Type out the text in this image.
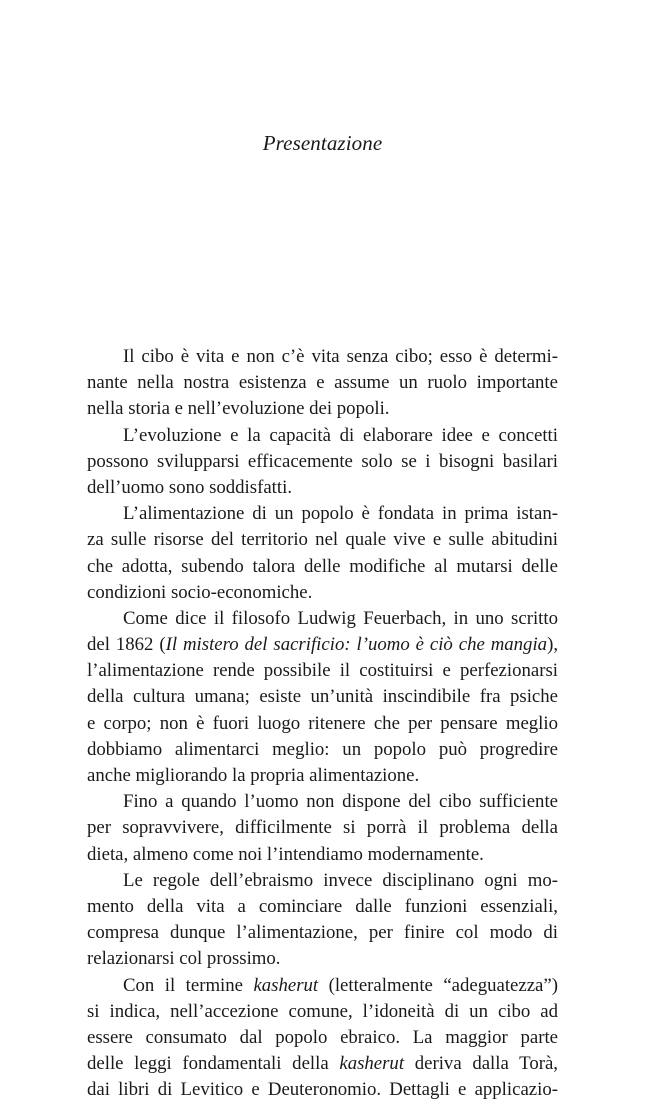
Presentazione
Il cibo è vita e non c’è vita senza cibo; esso è determi-
nante nella nostra esistenza e assume un ruolo importante
nella storia e nell’evoluzione dei popoli.
L’evoluzione e la capacità di elaborare idee e concetti
possono svilupparsi efficacemente solo se i bisogni basilari
dell’uomo sono soddisfatti.
L’alimentazione di un popolo è fondata in prima istan-
za sulle risorse del territorio nel quale vive e sulle abitudini
che adotta, subendo talora delle modifiche al mutarsi delle
condizioni socio-economiche.
Come dice il filosofo Ludwig Feuerbach, in uno scritto
del 1862 (Il mistero del sacrificio: l’uomo è ciò che mangia),
l’alimentazione rende possibile il costituirsi e perfezionarsi
della cultura umana; esiste un’unità inscindibile fra psiche
e corpo; non è fuori luogo ritenere che per pensare meglio
dobbiamo alimentarci meglio: un popolo può progredire
anche migliorando la propria alimentazione.
Fino a quando l’uomo non dispone del cibo sufficiente
per sopravvivere, difficilmente si porrà il problema della
dieta, almeno come noi l’intendiamo modernamente.
Le regole dell’ebraismo invece disciplinano ogni mo-
mento della vita a cominciare dalle funzioni essenziali,
compresa dunque l’alimentazione, per finire col modo di
relazionarsi col prossimo.
Con il termine kasherut (letteralmente “adeguatezza”)
si indica, nell’accezione comune, l’idoneità di un cibo ad
essere consumato dal popolo ebraico. La maggior parte
delle leggi fondamentali della kasherut deriva dalla Torà,
dai libri di Levitico e Deuteronomio. Dettagli e applicazio-
